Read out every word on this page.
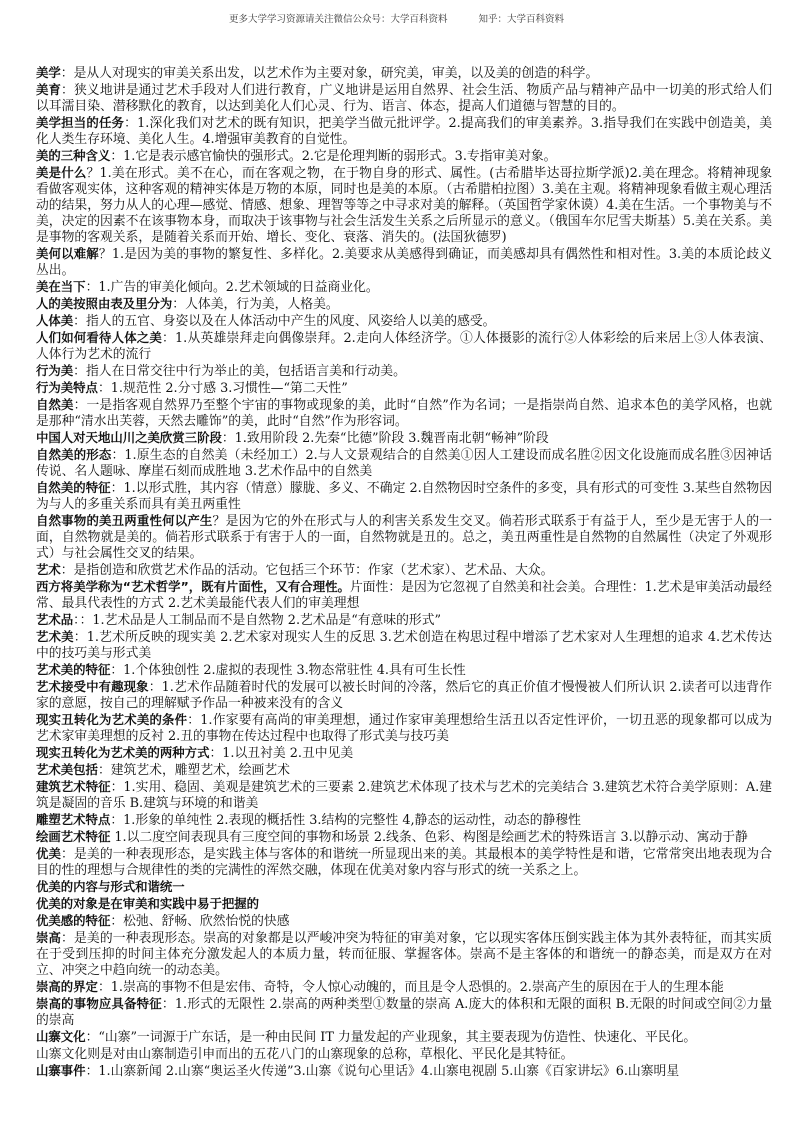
更多大学学习资源请关注微信公众号：大学百科资料	知乎：大学百科资料

美学：是从人对现实的审美关系出发，以艺术作为主要对象，研究美，审美，以及美的创造的科学。

美育：狭义地讲是通过艺术手段对人们进行教育，广义地讲是运用自然界、社会生活、物质产品与精神产品中一切美的形式给人们以耳濡目染、潜移默化的教育，以达到美化人们心灵、行为、语言、体态，提高人们道德与智慧的目的。

美学担当的任务：1.深化我们对艺术的既有知识，把美学当做元批评学。2.提高我们的审美素养。3.指导我们在实践中创造美，美化人类生存环境、美化人生。4.增强审美教育的自觉性。

美的三种含义：1.它是表示感官愉快的强形式。2.它是伦理判断的弱形式。3.专指审美对象。

美是什么？1.美在形式。美不在心，而在客观之物，在于物自身的形式、属性。(古希腊毕达哥拉斯学派)2.美在理念。将精神现象看做客观实体，这种客观的精神实体是万物的本原，同时也是美的本原。（古希腊柏拉图）3.美在主观。将精神现象看做主观心理活动的结果，努力从人的心理—感觉、情感、想象、理智等等之中寻求对美的解释。（英国哲学家休谟）4.美在生活。一个事物美与不美，决定的因素不在该事物本身，而取决于该事物与社会生活发生关系之后所显示的意义。（俄国车尔尼雪夫斯基）5.美在关系。美是事物的客观关系，是随着关系而开始、增长、变化、衰落、消失的。(法国狄德罗)

美何以难解？1.是因为美的事物的繁复性、多样化。2.美要求从美感得到确证，而美感却具有偶然性和相对性。3.美的本质论歧义丛出。

美在当下：1.广告的审美化倾向。2.艺术领域的日益商业化。

人的美按照由表及里分为：人体美，行为美，人格美。

人体美：指人的五官、身姿以及在人体活动中产生的风度、风姿给人以美的感受。

人们如何看待人体之美：1.从英雄崇拜走向偶像崇拜。2.走向人体经济学。①人体摄影的流行②人体彩绘的后来居上③人体表演、人体行为艺术的流行

行为美：指人在日常交往中行为举止的美，包括语言美和行动美。

行为美特点：1.规范性 2.分寸感 3.习惯性—“第二天性”

自然美：一是指客观自然界乃至整个宇宙的事物或现象的美，此时“自然”作为名词；一是指崇尚自然、追求本色的美学风格，也就是那种“清水出芙蓉，天然去雕饰”的美，此时“自然”作为形容词。

中国人对天地山川之美欣赏三阶段：1.致用阶段 2.先秦“比德”阶段 3.魏晋南北朝“畅神”阶段

自然美的形态：1.原生态的自然美（未经加工）2.与人文景观结合的自然美①因人工建设而成名胜②因文化设施而成名胜③因神话传说、名人题咏、摩崖石刻而成胜地 3.艺术作品中的自然美

自然美的特征：1.以形式胜，其内容（情意）朦胧、多义、不确定 2.自然物因时空条件的多变，具有形式的可变性 3.某些自然物因为与人的多重关系而具有美丑两重性

自然事物的美丑两重性何以产生？是因为它的外在形式与人的利害关系发生交叉。倘若形式联系于有益于人，至少是无害于人的一面，自然物就是美的。倘若形式联系于有害于人的一面，自然物就是丑的。总之，美丑两重性是自然物的自然属性（决定了外观形式）与社会属性交叉的结果。

艺术：是指创造和欣赏艺术作品的活动。它包括三个环节：作家（艺术家）、艺术品、大众。

西方将美学称为“艺术哲学”，既有片面性，又有合理性。片面性：是因为它忽视了自然美和社会美。合理性：1.艺术是审美活动最经常、最具代表性的方式 2.艺术美最能代表人们的审美理想

艺术品：：1.艺术品是人工制品而不是自然物 2.艺术品是“有意味的形式”

艺术美：1.艺术所反映的现实美 2.艺术家对现实人生的反思 3.艺术创造在构思过程中增添了艺术家对人生理想的追求 4.艺术传达中的技巧美与形式美

艺术美的特征：1.个体独创性 2.虚拟的表现性 3.物态常驻性 4.具有可生长性

艺术接受中有趣现象：1.艺术作品随着时代的发展可以被长时间的冷落，然后它的真正价值才慢慢被人们所认识 2.读者可以违背作家的意愿，按自己的理解赋予作品一种被来没有的含义

现实丑转化为艺术美的条件：1.作家要有高尚的审美理想，通过作家审美理想给生活丑以否定性评价，一切丑恶的现象都可以成为艺术家审美理想的反衬 2.丑的事物在传达过程中也取得了形式美与技巧美

现实丑转化为艺术美的两种方式：1.以丑衬美 2.丑中见美

艺术美包括：建筑艺术，雕塑艺术，绘画艺术

建筑艺术特征：1.实用、稳固、美观是建筑艺术的三要素 2.建筑艺术体现了技术与艺术的完美结合 3.建筑艺术符合美学原则：A.建筑是凝固的音乐 B.建筑与环境的和谐美

雕塑艺术特点：1.形象的单纯性 2.表现的概括性 3.结构的完整性 4,静态的运动性，动态的静穆性

绘画艺术特征 1.以二度空间表现具有三度空间的事物和场景 2.线条、色彩、构图是绘画艺术的特殊语言 3.以静示动、寓动于静

优美：是美的一种表现形态，是实践主体与客体的和谐统一所显现出来的美。其最根本的美学特性是和谐，它常常突出地表现为合目的性的理想与合规律性的类的完满性的浑然交融，体现在优美对象内容与形式的统一关系之上。

优美的内容与形式和谐统一

优美的对象是在审美和实践中易于把握的

优美感的特征：松弛、舒畅、欣然怡悦的快感

崇高：是美的一种表现形态。崇高的对象都是以严峻冲突为特征的审美对象，它以现实客体压倒实践主体为其外表特征，而其实质在于受到压抑的时间主体充分激发起人的本质力量，转而征服、掌握客体。崇高不是主客体的和谐统一的静态美，而是双方在对立、冲突之中趋向统一的动态美。

崇高的界定：1.崇高的事物不但是宏伟、奇特，令人惊心动魄的，而且是令人恐惧的。2.崇高产生的原因在于人的生理本能

崇高的事物应具备特征：1.形式的无限性 2.崇高的两种类型①数量的崇高 A.庞大的体积和无限的面积 B.无限的时间或空间②力量的崇高

山寨文化：“山寨”一词源于广东话，是一种由民间 IT 力量发起的产业现象，其主要表现为仿造性、快速化、平民化。

山寨文化则是对由山寨制造引申而出的五花八门的山寨现象的总称，草根化、平民化是其特征。

山寨事件：1.山寨新闻 2.山寨“奥运圣火传递”3.山寨《说句心里话》4.山寨电视剧 5.山寨《百家讲坛》6.山寨明星
